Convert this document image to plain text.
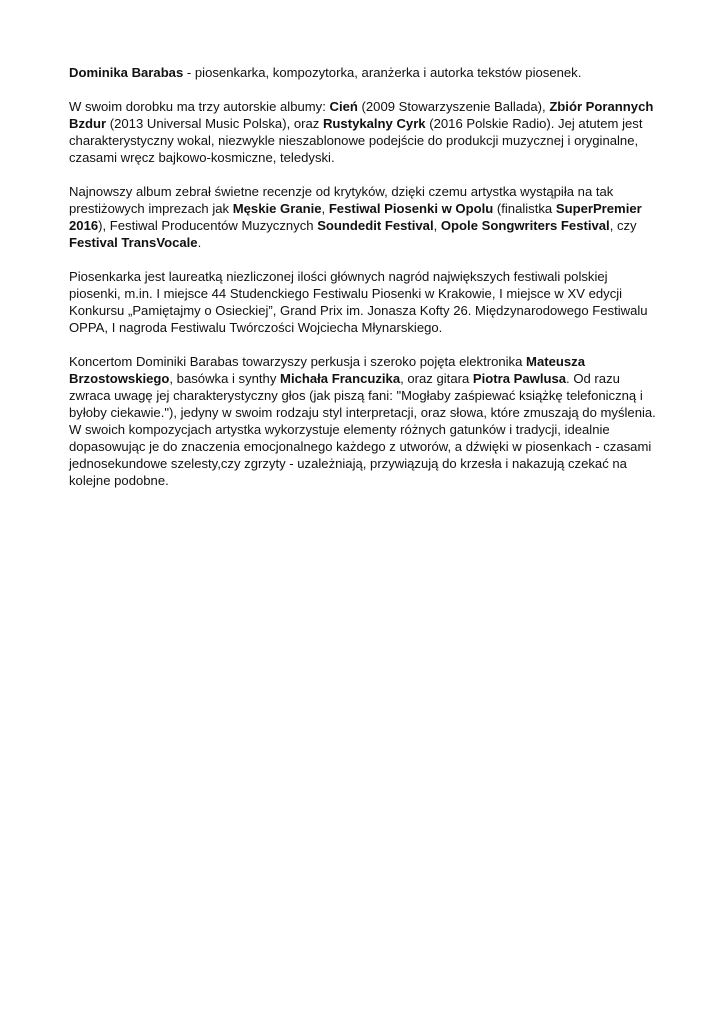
Dominika Barabas - piosenkarka, kompozytorka, aranżerka i autorka tekstów piosenek.

W swoim dorobku ma trzy autorskie albumy: Cień (2009 Stowarzyszenie Ballada), Zbiór Porannych Bzdur (2013 Universal Music Polska), oraz Rustykalny Cyrk (2016 Polskie Radio). Jej atutem jest charakterystyczny wokal, niezwykle nieszablonowe podejście do produkcji muzycznej i oryginalne, czasami wręcz bajkowo-kosmiczne, teledyski.

Najnowszy album zebrał świetne recenzje od krytyków, dzięki czemu artystka wystąpiła na tak prestiżowych imprezach jak Męskie Granie, Festiwal Piosenki w Opolu (finalistka SuperPremier 2016), Festiwal Producentów Muzycznych Soundedit Festival, Opole Songwriters Festival, czy Festival TransVocale.

Piosenkarka jest laureatką niezliczonej ilości głównych nagród największych festiwali polskiej piosenki, m.in. I miejsce 44 Studenckiego Festiwalu Piosenki w Krakowie, I miejsce w XV edycji Konkursu „Pamiętajmy o Osieckiej”, Grand Prix im. Jonasza Kofty 26. Międzynarodowego Festiwalu OPPA, I nagroda Festiwalu Twórczości Wojciecha Młynarskiego.

Koncertom Dominiki Barabas towarzyszy perkusja i szeroko pojęta elektronika Mateusza Brzostowskiego, basówka i synthy Michała Francuzika, oraz gitara Piotra Pawlusa. Od razu zwraca uwagę jej charakterystyczny głos (jak piszą fani: "Mogłaby zaśpiewać książkę telefoniczną i byłoby ciekawie."), jedyny w swoim rodzaju styl interpretacji, oraz słowa, które zmuszają do myślenia. W swoich kompozycjach artystka wykorzystuje elementy różnych gatunków i tradycji, idealnie dopasowując je do znaczenia emocjonalnego każdego z utworów, a dźwięki w piosenkach - czasami jednosekundowe szelesty,czy zgrzyty - uzależniają, przywiązują do krzesła i nakazują czekać na kolejne podobne.
